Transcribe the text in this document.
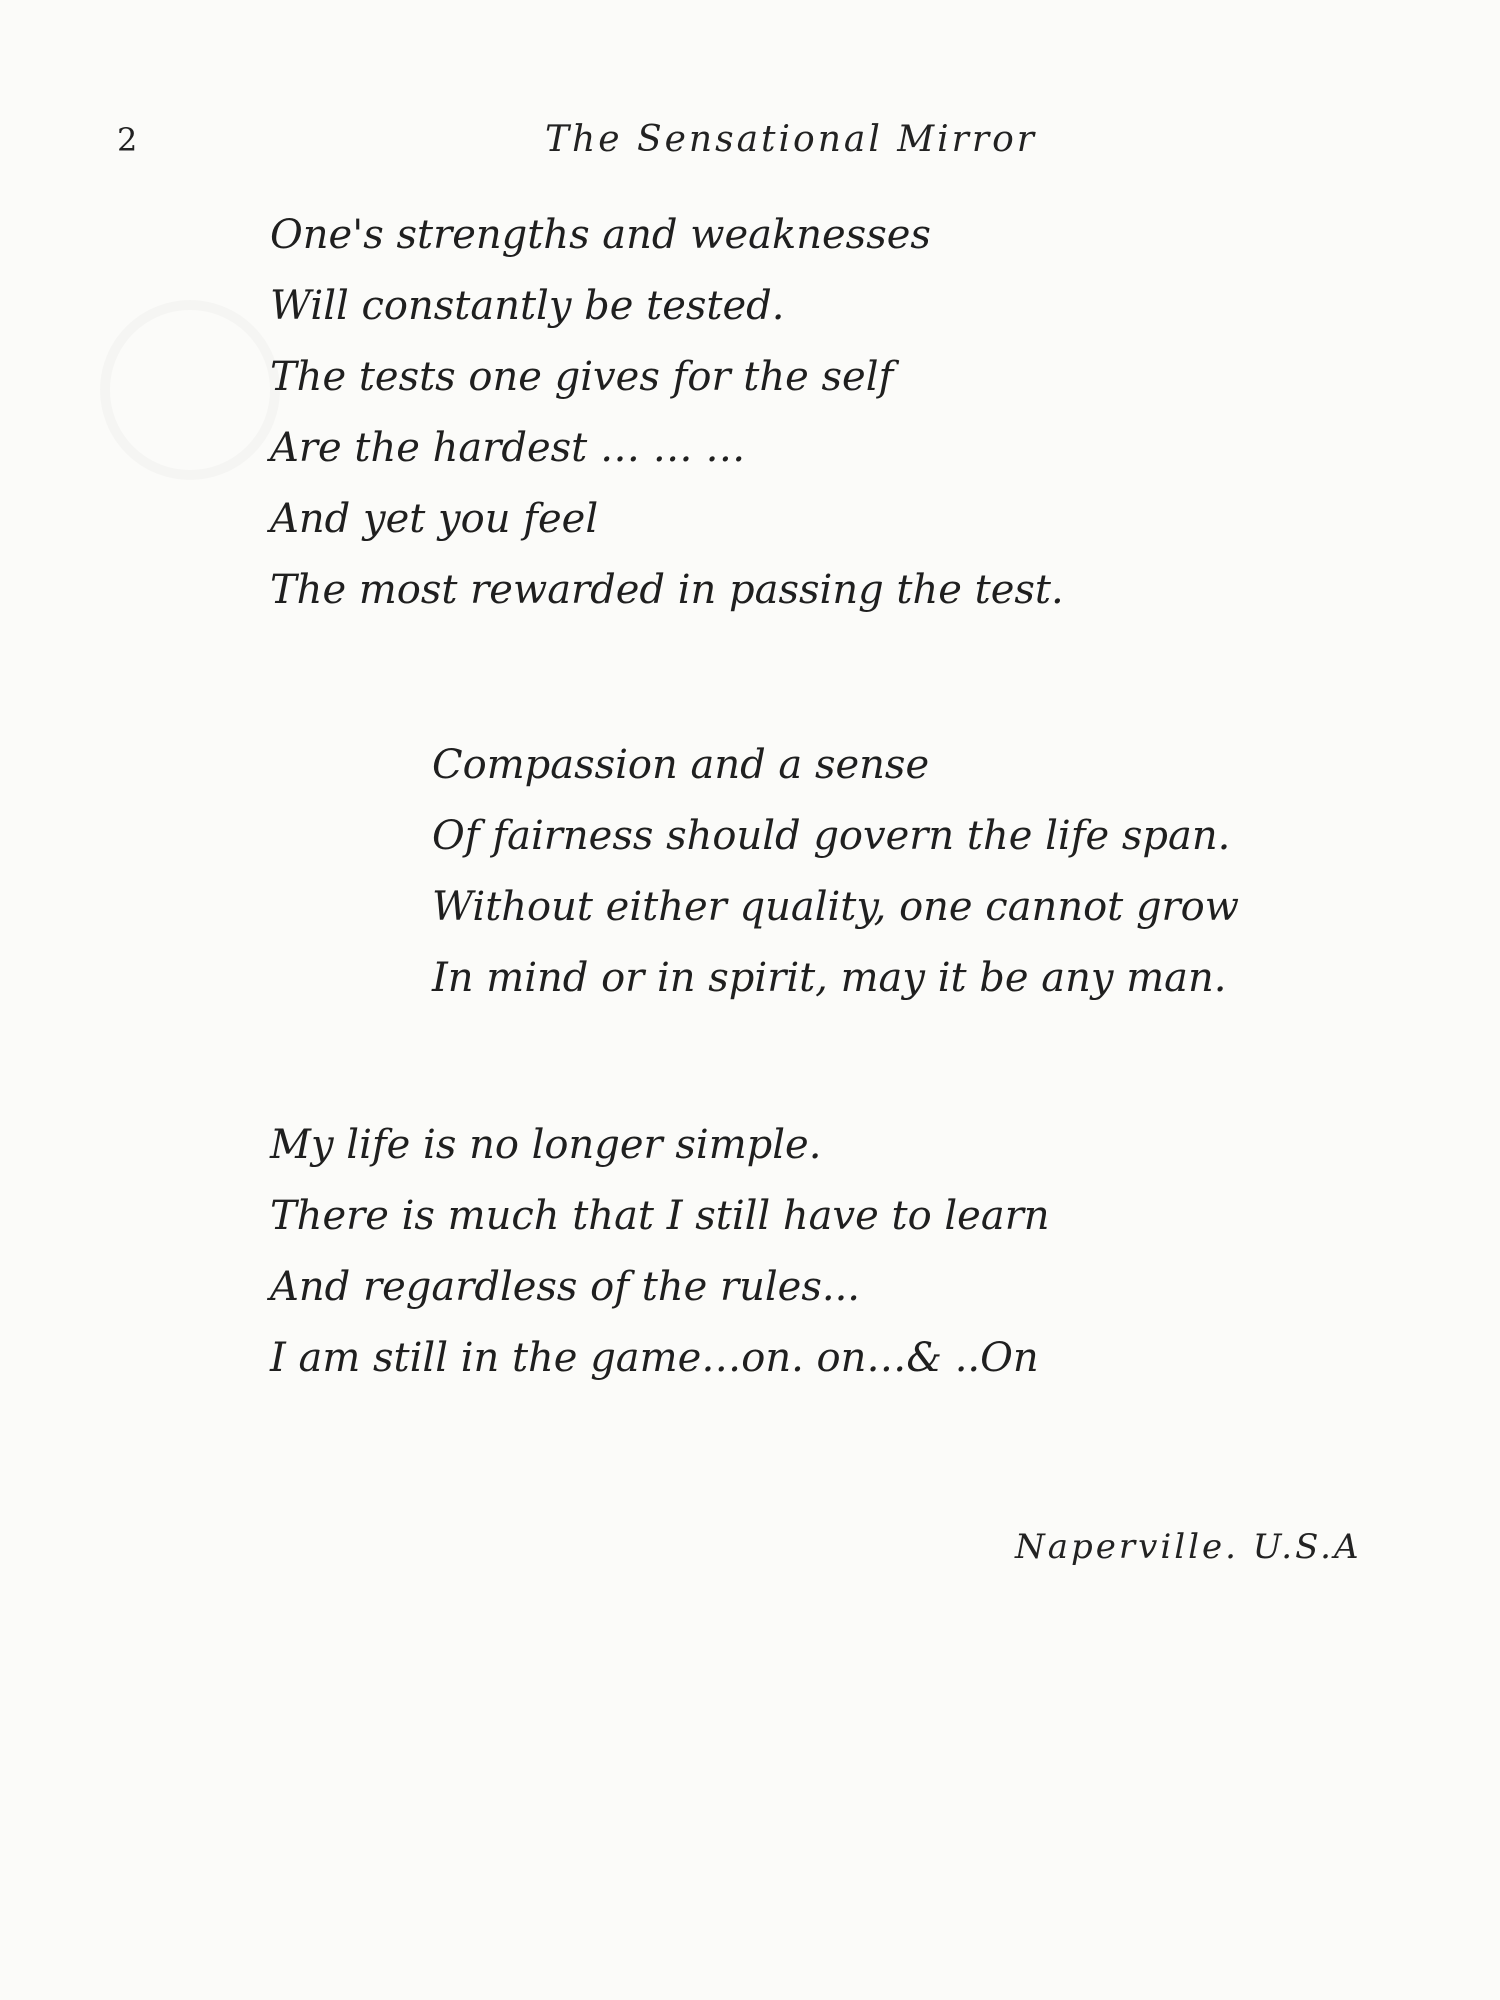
2	The Sensational Mirror
One's strengths and weaknesses
Will constantly be tested.
The tests one gives for the self
Are the hardest … … …
And yet you feel
The most rewarded in passing the test.
Compassion and a sense
Of fairness should govern the life span.
Without either quality, one cannot grow
In mind or in spirit, may it be any man.
My life is no longer simple.
There is much that I still have to learn
And regardless of the rules...
I am still in the game…on. on…& ..On
Naperville. U.S.A
